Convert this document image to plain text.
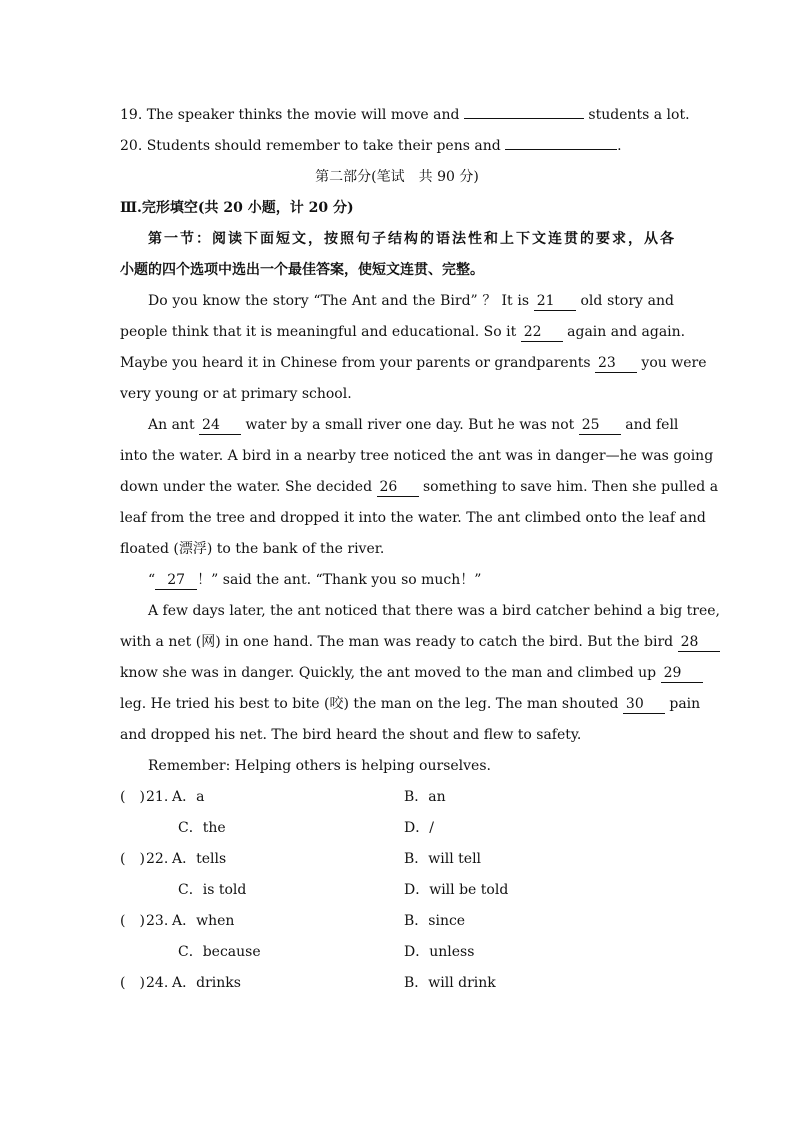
19. The speaker thinks the movie will move and	students a lot.
20. Students should remember to take their pens and	.
第二部分(笔试　共 90 分)
Ⅲ.完形填空(共 20 小题，计 20 分)
第一节：阅读下面短文，按照句子结构的语法性和上下文连贯的要求，从各
小题的四个选项中选出一个最佳答案，使短文连贯、完整。
Do you know the story “The Ant and the Bird” ？ It is 21 old story and
people think that it is meaningful and educational. So it 22 again and again.
Maybe you heard it in Chinese from your parents or grandparents 23 you were
very young or at primary school.
An ant 24 water by a small river one day. But he was not 25 and fell
into the water. A bird in a nearby tree noticed the ant was in danger—he was going
down under the water. She decided 26 something to save him. Then she pulled a
leaf from the tree and dropped it into the water. The ant climbed onto the leaf and
floated (漂浮) to the bank of the river.
“ 27 ！” said the ant. “Thank you so much！”
A few days later, the ant noticed that there was a bird catcher behind a big tree,
with a net (网) in one hand. The man was ready to catch the bird. But the bird 28
know she was in danger. Quickly, the ant moved to the man and climbed up 29
leg. He tried his best to bite (咬) the man on the leg. The man shouted 30 pain
and dropped his net. The bird heard the shout and flew to safety.
Remember: Helping others is helping ourselves.
(　) 21. A．a	B．an
C．the	D．/
(　) 22. A．tells	B．will tell
C．is told	D．will be told
(　) 23. A．when	B．since
C．because	D．unless
(　) 24. A．drinks	B．will drink
